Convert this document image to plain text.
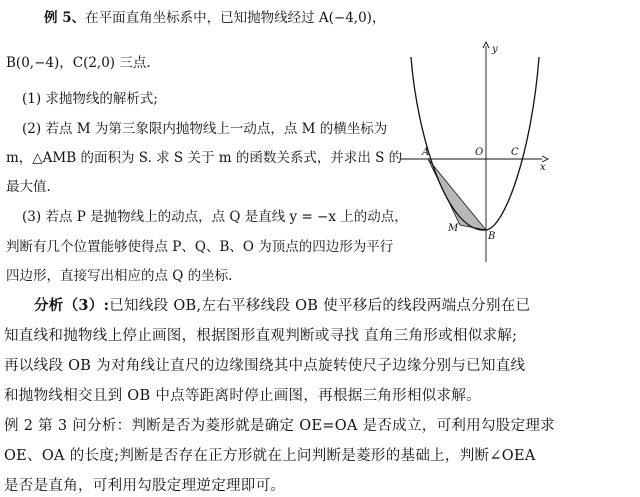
例 5、在平面直角坐标系中，已知抛物线经过 A(−4,0)，
B(0,−4)，C(2,0) 三点.
(1) 求抛物线的解析式;
(2) 若点 M 为第三象限内抛物线上一动点，点 M 的横坐标为
m，△AMB 的面积为 S. 求 S 关于 m 的函数关系式，并求出 S 的
最大值.
(3) 若点 P 是抛物线上的动点，点 Q 是直线 y = −x 上的动点，
判断有几个位置能够使得点 P、Q、B、O 为顶点的四边形为平行
四边形，直接写出相应的点 Q 的坐标.
分析（3）:已知线段 OB,左右平移线段 OB 使平移后的线段两端点分别在已
知直线和抛物线上停止画图，根据图形直观判断或寻找 直角三角形或相似求解;
再以线段 OB 为对角线让直尺的边缘围绕其中点旋转使尺子边缘分别与已知直线
和抛物线相交且到 OB 中点等距离时停止画图，再根据三角形相似求解。
例 2 第 3 问分析：判断是否为菱形就是确定 OE=OA 是否成立，可利用勾股定理求
OE、OA 的长度;判断是否存在正方形就在上问判断是菱形的基础上，判断∠OEA
是否是直角，可利用勾股定理逆定理即可。
y
x
A	O	C
M
B
